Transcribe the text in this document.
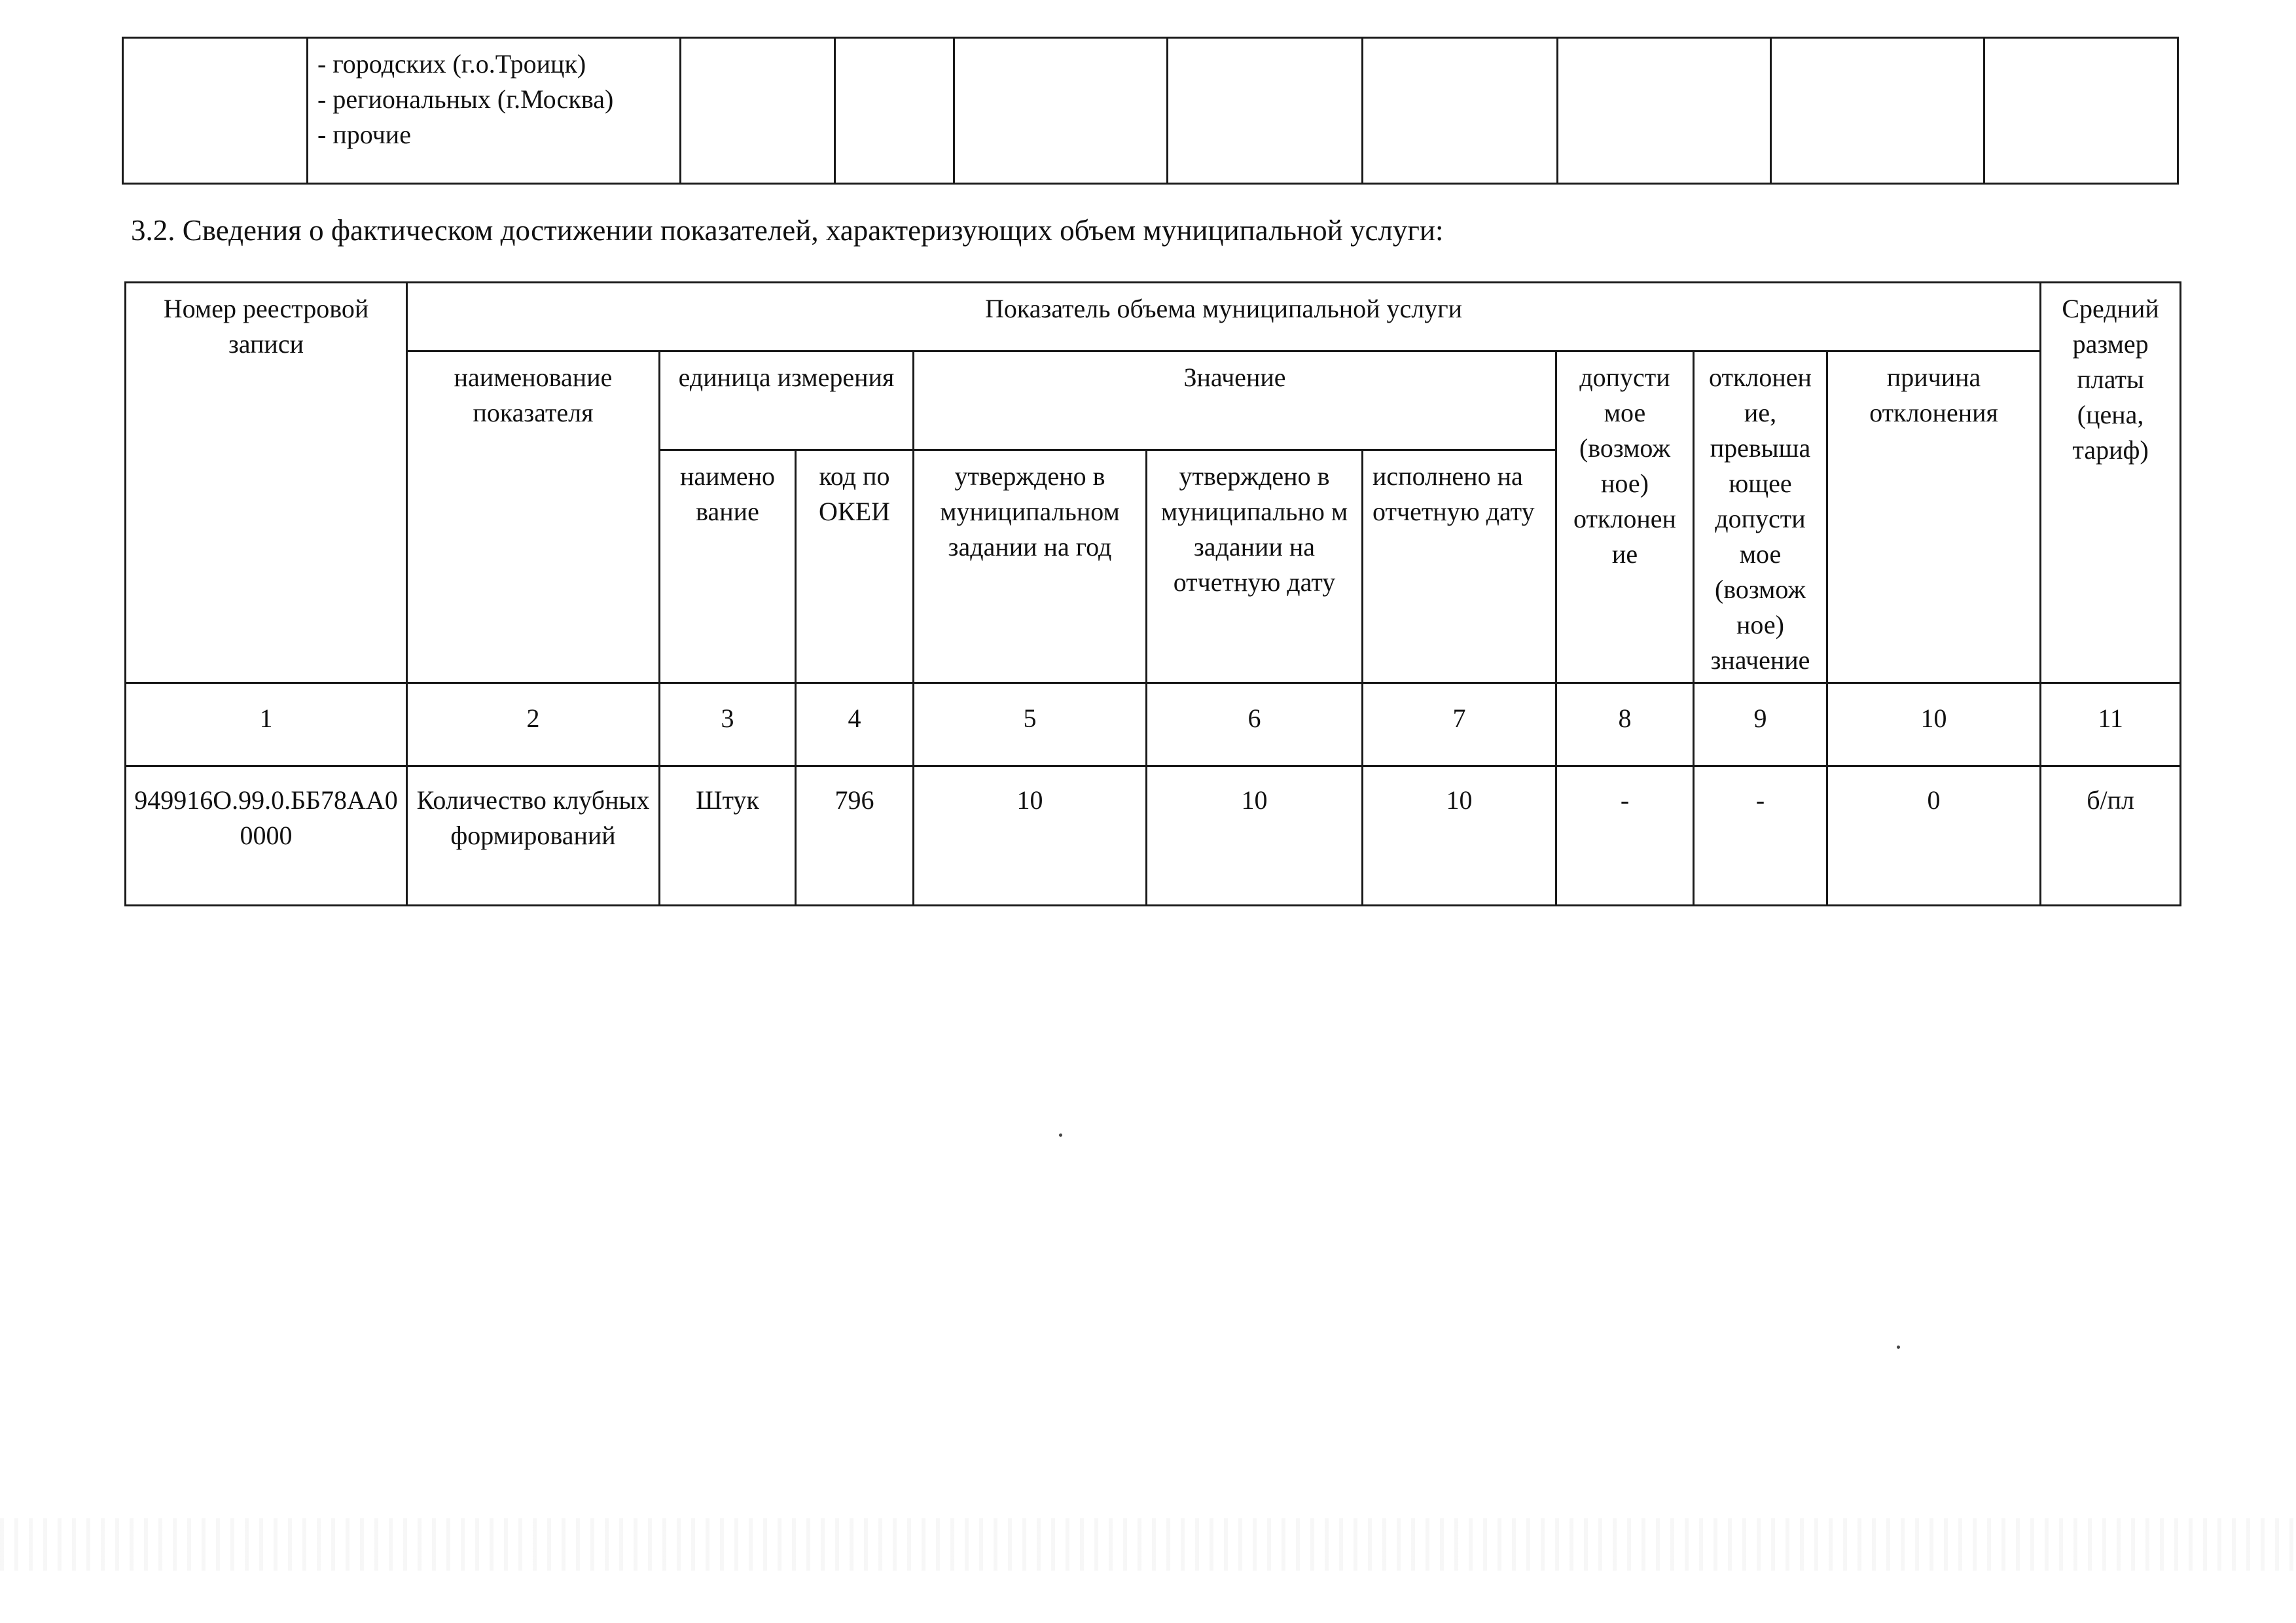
- городских (г.о.Троицк)
- региональных (г.Москва)
- прочие

3.2. Сведения о фактическом достижении показателей, характеризующих объем муниципальной услуги:
Номер реестровой записи	Показатель объема муниципальной услуги									Средний размер платы (цена, тариф)
	наименование показателя	единица измерения		Значение			допусти мое (возмож ное) отклонен ие	отклонен ие, превыша ющее допусти мое (возмож ное) значение	причина отклонения	
		наимено вание	код по ОКЕИ	утверждено в муниципальном задании на год	утверждено в муниципально м задании на отчетную дату	исполнено на отчетную дату				
1	2	3	4	5	6	7	8	9	10	11
949916О.99.0.ББ78АА00000	Количество клубных формирований	Штук	796	10	10	10	-	-	0	б/пл
